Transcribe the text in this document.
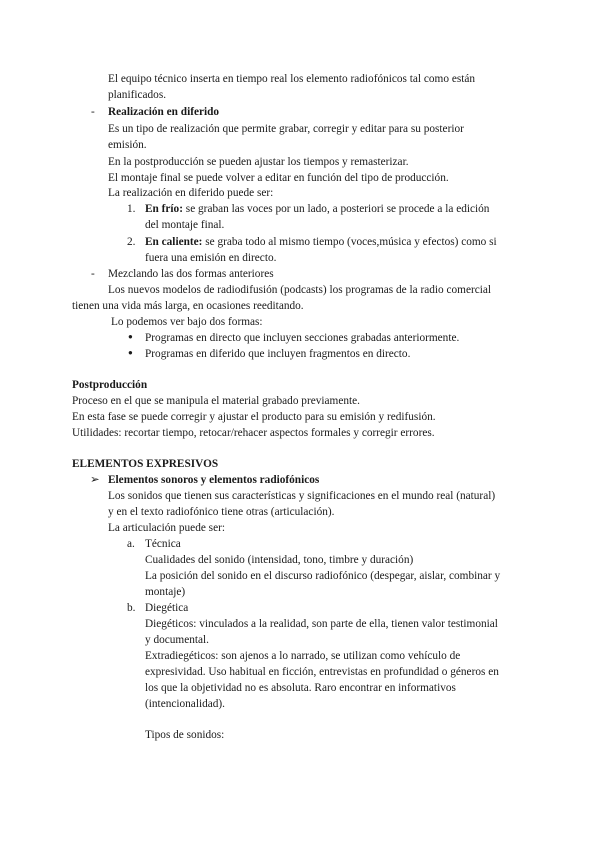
El equipo técnico inserta en tiempo real los elemento radiofónicos tal como están
planificados.
- Realización en diferido
Es un tipo de realización que permite grabar, corregir y editar para su posterior
emisión.
En la postproducción se pueden ajustar los tiempos y remasterizar.
El montaje final se puede volver a editar en función del tipo de producción.
La realización en diferido puede ser:
1. En frío: se graban las voces por un lado, a posteriori se procede a la edición
del montaje final.
2. En caliente: se graba todo al mismo tiempo (voces,música y efectos) como si
fuera una emisión en directo.
- Mezclando las dos formas anteriores
Los nuevos modelos de radiodifusión (podcasts) los programas de la radio comercial
tienen una vida más larga, en ocasiones reeditando.
Lo podemos ver bajo dos formas:
● Programas en directo que incluyen secciones grabadas anteriormente.
● Programas en diferido que incluyen fragmentos en directo.
Postproducción
Proceso en el que se manipula el material grabado previamente.
En esta fase se puede corregir y ajustar el producto para su emisión y redifusión.
Utilidades: recortar tiempo, retocar/rehacer aspectos formales y corregir errores.
ELEMENTOS EXPRESIVOS
➢ Elementos sonoros y elementos radiofónicos
Los sonidos que tienen sus características y significaciones en el mundo real (natural)
y en el texto radiofónico tiene otras (articulación).
La articulación puede ser:
a. Técnica
Cualidades del sonido (intensidad, tono, timbre y duración)
La posición del sonido en el discurso radiofónico (despegar, aislar, combinar y
montaje)
b. Diegética
Diegéticos: vinculados a la realidad, son parte de ella, tienen valor testimonial
y documental.
Extradiegéticos: son ajenos a lo narrado, se utilizan como vehículo de
expresividad. Uso habitual en ficción, entrevistas en profundidad o géneros en
los que la objetividad no es absoluta. Raro encontrar en informativos
(intencionalidad).
Tipos de sonidos:
